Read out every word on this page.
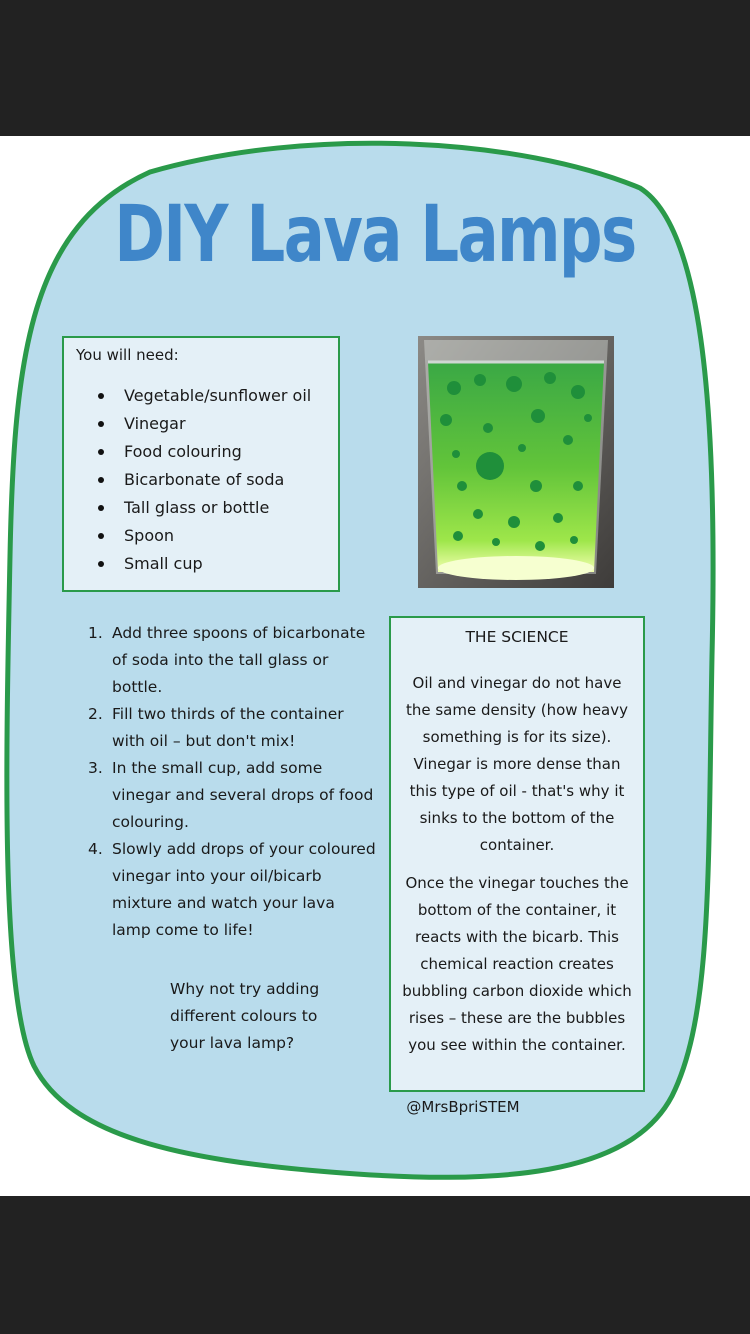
DIY Lava Lamps
You will need:
Vegetable/sunflower oil
Vinegar
Food colouring
Bicarbonate of soda
Tall glass or bottle
Spoon
Small cup
1. Add three spoons of bicarbonate of soda into the tall glass or bottle.
2. Fill two thirds of the container with oil – but don't mix!
3. In the small cup, add some vinegar and several drops of food colouring.
4. Slowly add drops of your coloured vinegar into your oil/bicarb mixture and watch your lava lamp come to life!
Why not try adding different colours to your lava lamp?
THE SCIENCE

Oil and vinegar do not have the same density (how heavy something is for its size). Vinegar is more dense than this type of oil - that's why it sinks to the bottom of the container.

Once the vinegar touches the bottom of the container, it reacts with the bicarb. This chemical reaction creates bubbling carbon dioxide which rises – these are the bubbles you see within the container.

@MrsBpriSTEM
